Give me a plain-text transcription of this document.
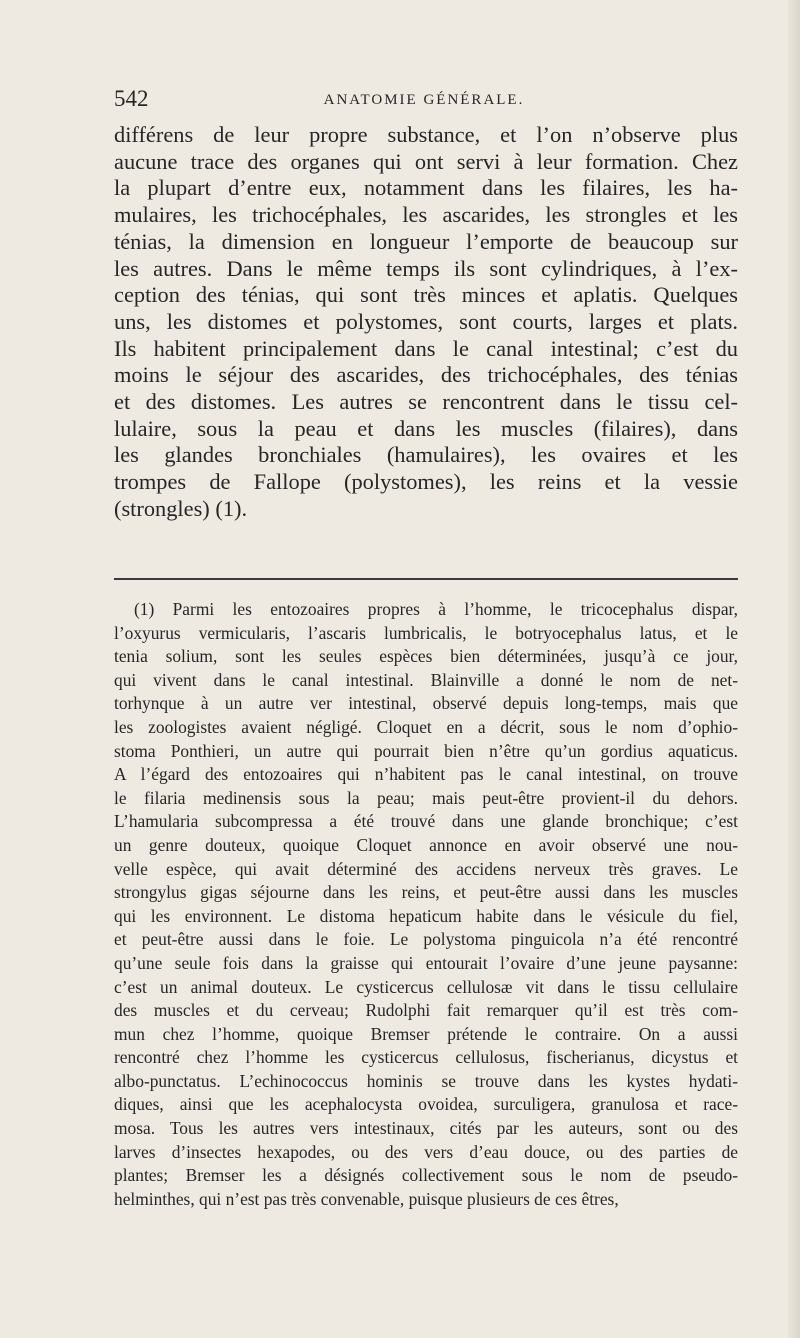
542	ANATOMIE GÉNÉRALE.
différens de leur propre substance, et l’on n’observe plus
aucune trace des organes qui ont servi à leur formation. Chez
la plupart d’entre eux, notamment dans les filaires, les ha-
mulaires, les trichocéphales, les ascarides, les strongles et les
ténias, la dimension en longueur l’emporte de beaucoup sur
les autres. Dans le même temps ils sont cylindriques, à l’ex-
ception des ténias, qui sont très minces et aplatis. Quelques
uns, les distomes et polystomes, sont courts, larges et plats.
Ils habitent principalement dans le canal intestinal; c’est du
moins le séjour des ascarides, des trichocéphales, des ténias
et des distomes. Les autres se rencontrent dans le tissu cel-
lulaire, sous la peau et dans les muscles (filaires), dans
les glandes bronchiales (hamulaires), les ovaires et les
trompes de Fallope (polystomes), les reins et la vessie
(strongles) (1).
(1) Parmi les entozoaires propres à l’homme, le tricocephalus dispar,
l’oxyurus vermicularis, l’ascaris lumbricalis, le botryocephalus latus, et le
tenia solium, sont les seules espèces bien déterminées, jusqu’à ce jour,
qui vivent dans le canal intestinal. Blainville a donné le nom de net-
torhynque à un autre ver intestinal, observé depuis long-temps, mais que
les zoologistes avaient négligé. Cloquet en a décrit, sous le nom d’ophio-
stoma Ponthieri, un autre qui pourrait bien n’être qu’un gordius aquaticus.
A l’égard des entozoaires qui n’habitent pas le canal intestinal, on trouve
le filaria medinensis sous la peau; mais peut-être provient-il du dehors.
L’hamularia subcompressa a été trouvé dans une glande bronchique; c’est
un genre douteux, quoique Cloquet annonce en avoir observé une nou-
velle espèce, qui avait déterminé des accidens nerveux très graves. Le
strongylus gigas séjourne dans les reins, et peut-être aussi dans les muscles
qui les environnent. Le distoma hepaticum habite dans le vésicule du fiel,
et peut-être aussi dans le foie. Le polystoma pinguicola n’a été rencontré
qu’une seule fois dans la graisse qui entourait l’ovaire d’une jeune paysanne:
c’est un animal douteux. Le cysticercus cellulosæ vit dans le tissu cellulaire
des muscles et du cerveau; Rudolphi fait remarquer qu’il est très com-
mun chez l’homme, quoique Bremser prétende le contraire. On a aussi
rencontré chez l’homme les cysticercus cellulosus, fischerianus, dicystus et
albo-punctatus. L’echinococcus hominis se trouve dans les kystes hydati-
diques, ainsi que les acephalocysta ovoidea, surculigera, granulosa et race-
mosa. Tous les autres vers intestinaux, cités par les auteurs, sont ou des
larves d’insectes hexapodes, ou des vers d’eau douce, ou des parties de
plantes; Bremser les a désignés collectivement sous le nom de pseudo-
helminthes, qui n’est pas très convenable, puisque plusieurs de ces êtres,
